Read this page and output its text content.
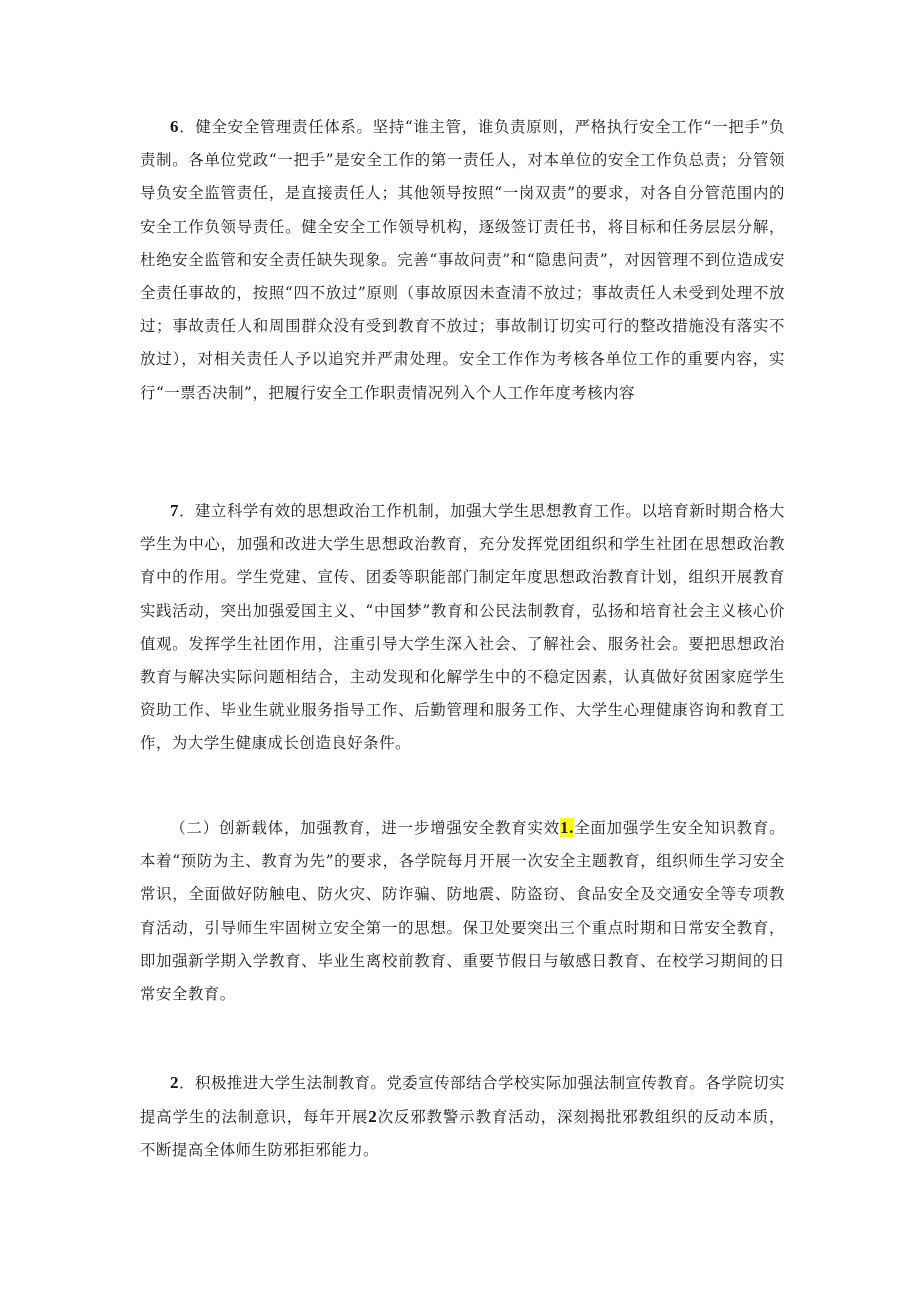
6．健全安全管理责任体系。坚持“谁主管，谁负责原则，严格执行安全工作“一把手”负责制。各单位党政“一把手”是安全工作的第一责任人，对本单位的安全工作负总责；分管领导负安全监管责任，是直接责任人；其他领导按照“一岗双责”的要求，对各自分管范围内的安全工作负领导责任。健全安全工作领导机构，逐级签订责任书，将目标和任务层层分解，杜绝安全监管和安全责任缺失现象。完善“事故问责”和“隐患问责”，对因管理不到位造成安全责任事故的，按照“四不放过”原则（事故原因未查清不放过；事故责任人未受到处理不放过；事故责任人和周围群众没有受到教育不放过；事故制订切实可行的整改措施没有落实不放过），对相关责任人予以追究并严肃处理。安全工作作为考核各单位工作的重要内容，实行“一票否决制”，把履行安全工作职责情况列入个人工作年度考核内容

7．建立科学有效的思想政治工作机制，加强大学生思想教育工作。以培育新时期合格大学生为中心，加强和改进大学生思想政治教育，充分发挥党团组织和学生社团在思想政治教育中的作用。学生党建、宣传、团委等职能部门制定年度思想政治教育计划，组织开展教育实践活动，突出加强爱国主义、“中国梦”教育和公民法制教育，弘扬和培育社会主义核心价值观。发挥学生社团作用，注重引导大学生深入社会、了解社会、服务社会。要把思想政治教育与解决实际问题相结合，主动发现和化解学生中的不稳定因素，认真做好贫困家庭学生资助工作、毕业生就业服务指导工作、后勤管理和服务工作、大学生心理健康咨询和教育工作，为大学生健康成长创造良好条件。

（二）创新载体，加强教育，进一步增强安全教育实效1.全面加强学生安全知识教育。本着“预防为主、教育为先”的要求，各学院每月开展一次安全主题教育，组织师生学习安全常识，全面做好防触电、防火灾、防诈骗、防地震、防盗窃、食品安全及交通安全等专项教育活动，引导师生牢固树立安全第一的思想。保卫处要突出三个重点时期和日常安全教育，即加强新学期入学教育、毕业生离校前教育、重要节假日与敏感日教育、在校学习期间的日常安全教育。

2．积极推进大学生法制教育。党委宣传部结合学校实际加强法制宣传教育。各学院切实提高学生的法制意识，每年开展2次反邪教警示教育活动，深刻揭批邪教组织的反动本质，不断提高全体师生防邪拒邪能力。
